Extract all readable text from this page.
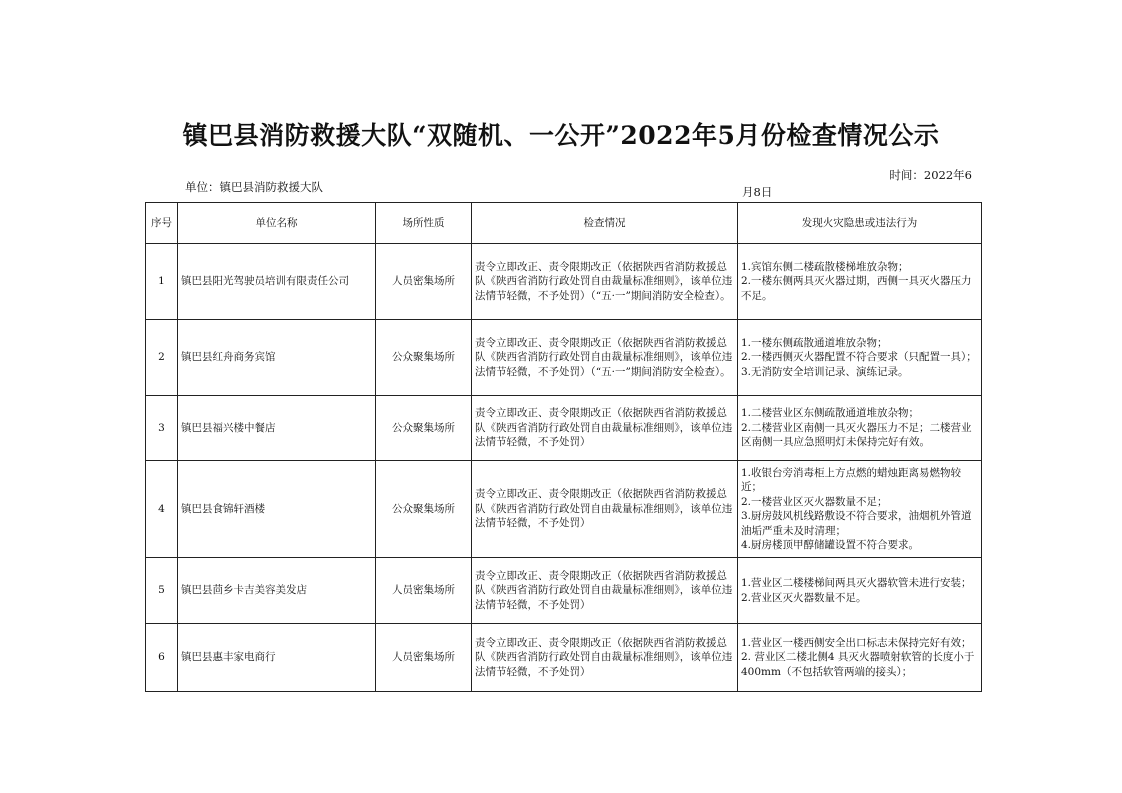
镇巴县消防救援大队“双随机、一公开”2022年5月份检查情况公示
单位：镇巴县消防救援大队
时间：2022年6
月8日
序号	单位名称	场所性质	检查情况	发现火灾隐患或违法行为
1	镇巴县阳光驾驶员培训有限责任公司	人员密集场所	责令立即改正、责令限期改正（依据陕西省消防救援总队《陕西省消防行政处罚自由裁量标准细则》，该单位违法情节轻微，不予处罚）（“五·一”期间消防安全检查）。	1.宾馆东侧二楼疏散楼梯堆放杂物；
2.一楼东侧两具灭火器过期，西侧一具灭火器压力不足。

2	镇巴县红舟商务宾馆	公众聚集场所	责令立即改正、责令限期改正（依据陕西省消防救援总队《陕西省消防行政处罚自由裁量标准细则》，该单位违法情节轻微，不予处罚）（“五·一”期间消防安全检查）。	1.一楼东侧疏散通道堆放杂物；
2.一楼西侧灭火器配置不符合要求（只配置一具）；
3.无消防安全培训记录、演练记录。

3	镇巴县福兴楼中餐店	公众聚集场所	责令立即改正、责令限期改正（依据陕西省消防救援总队《陕西省消防行政处罚自由裁量标准细则》，该单位违法情节轻微，不予处罚）	1.二楼营业区东侧疏散通道堆放杂物；
2.二楼营业区南侧一具灭火器压力不足；二楼营业区南侧一具应急照明灯未保持完好有效。

4	镇巴县食锦轩酒楼	公众聚集场所	责令立即改正、责令限期改正（依据陕西省消防救援总队《陕西省消防行政处罚自由裁量标准细则》，该单位违法情节轻微，不予处罚）	1.收银台旁消毒柜上方点燃的蜡烛距离易燃物较近；
2.一楼营业区灭火器数量不足；
3.厨房鼓风机线路敷设不符合要求，油烟机外管道油垢严重未及时清理；
4.厨房楼顶甲醇储罐设置不符合要求。

5	镇巴县茴乡卡吉美容美发店	人员密集场所	责令立即改正、责令限期改正（依据陕西省消防救援总队《陕西省消防行政处罚自由裁量标准细则》，该单位违法情节轻微，不予处罚）	1.营业区二楼楼梯间两具灭火器软管未进行安装；
2.营业区灭火器数量不足。

6	镇巴县惠丰家电商行	人员密集场所	责令立即改正、责令限期改正（依据陕西省消防救援总队《陕西省消防行政处罚自由裁量标准细则》，该单位违法情节轻微，不予处罚）	1.营业区一楼西侧安全出口标志未保持完好有效；
2. 营业区二楼北侧4 具灭火器喷射软管的长度小于400mm（不包括软管两端的接头）；
